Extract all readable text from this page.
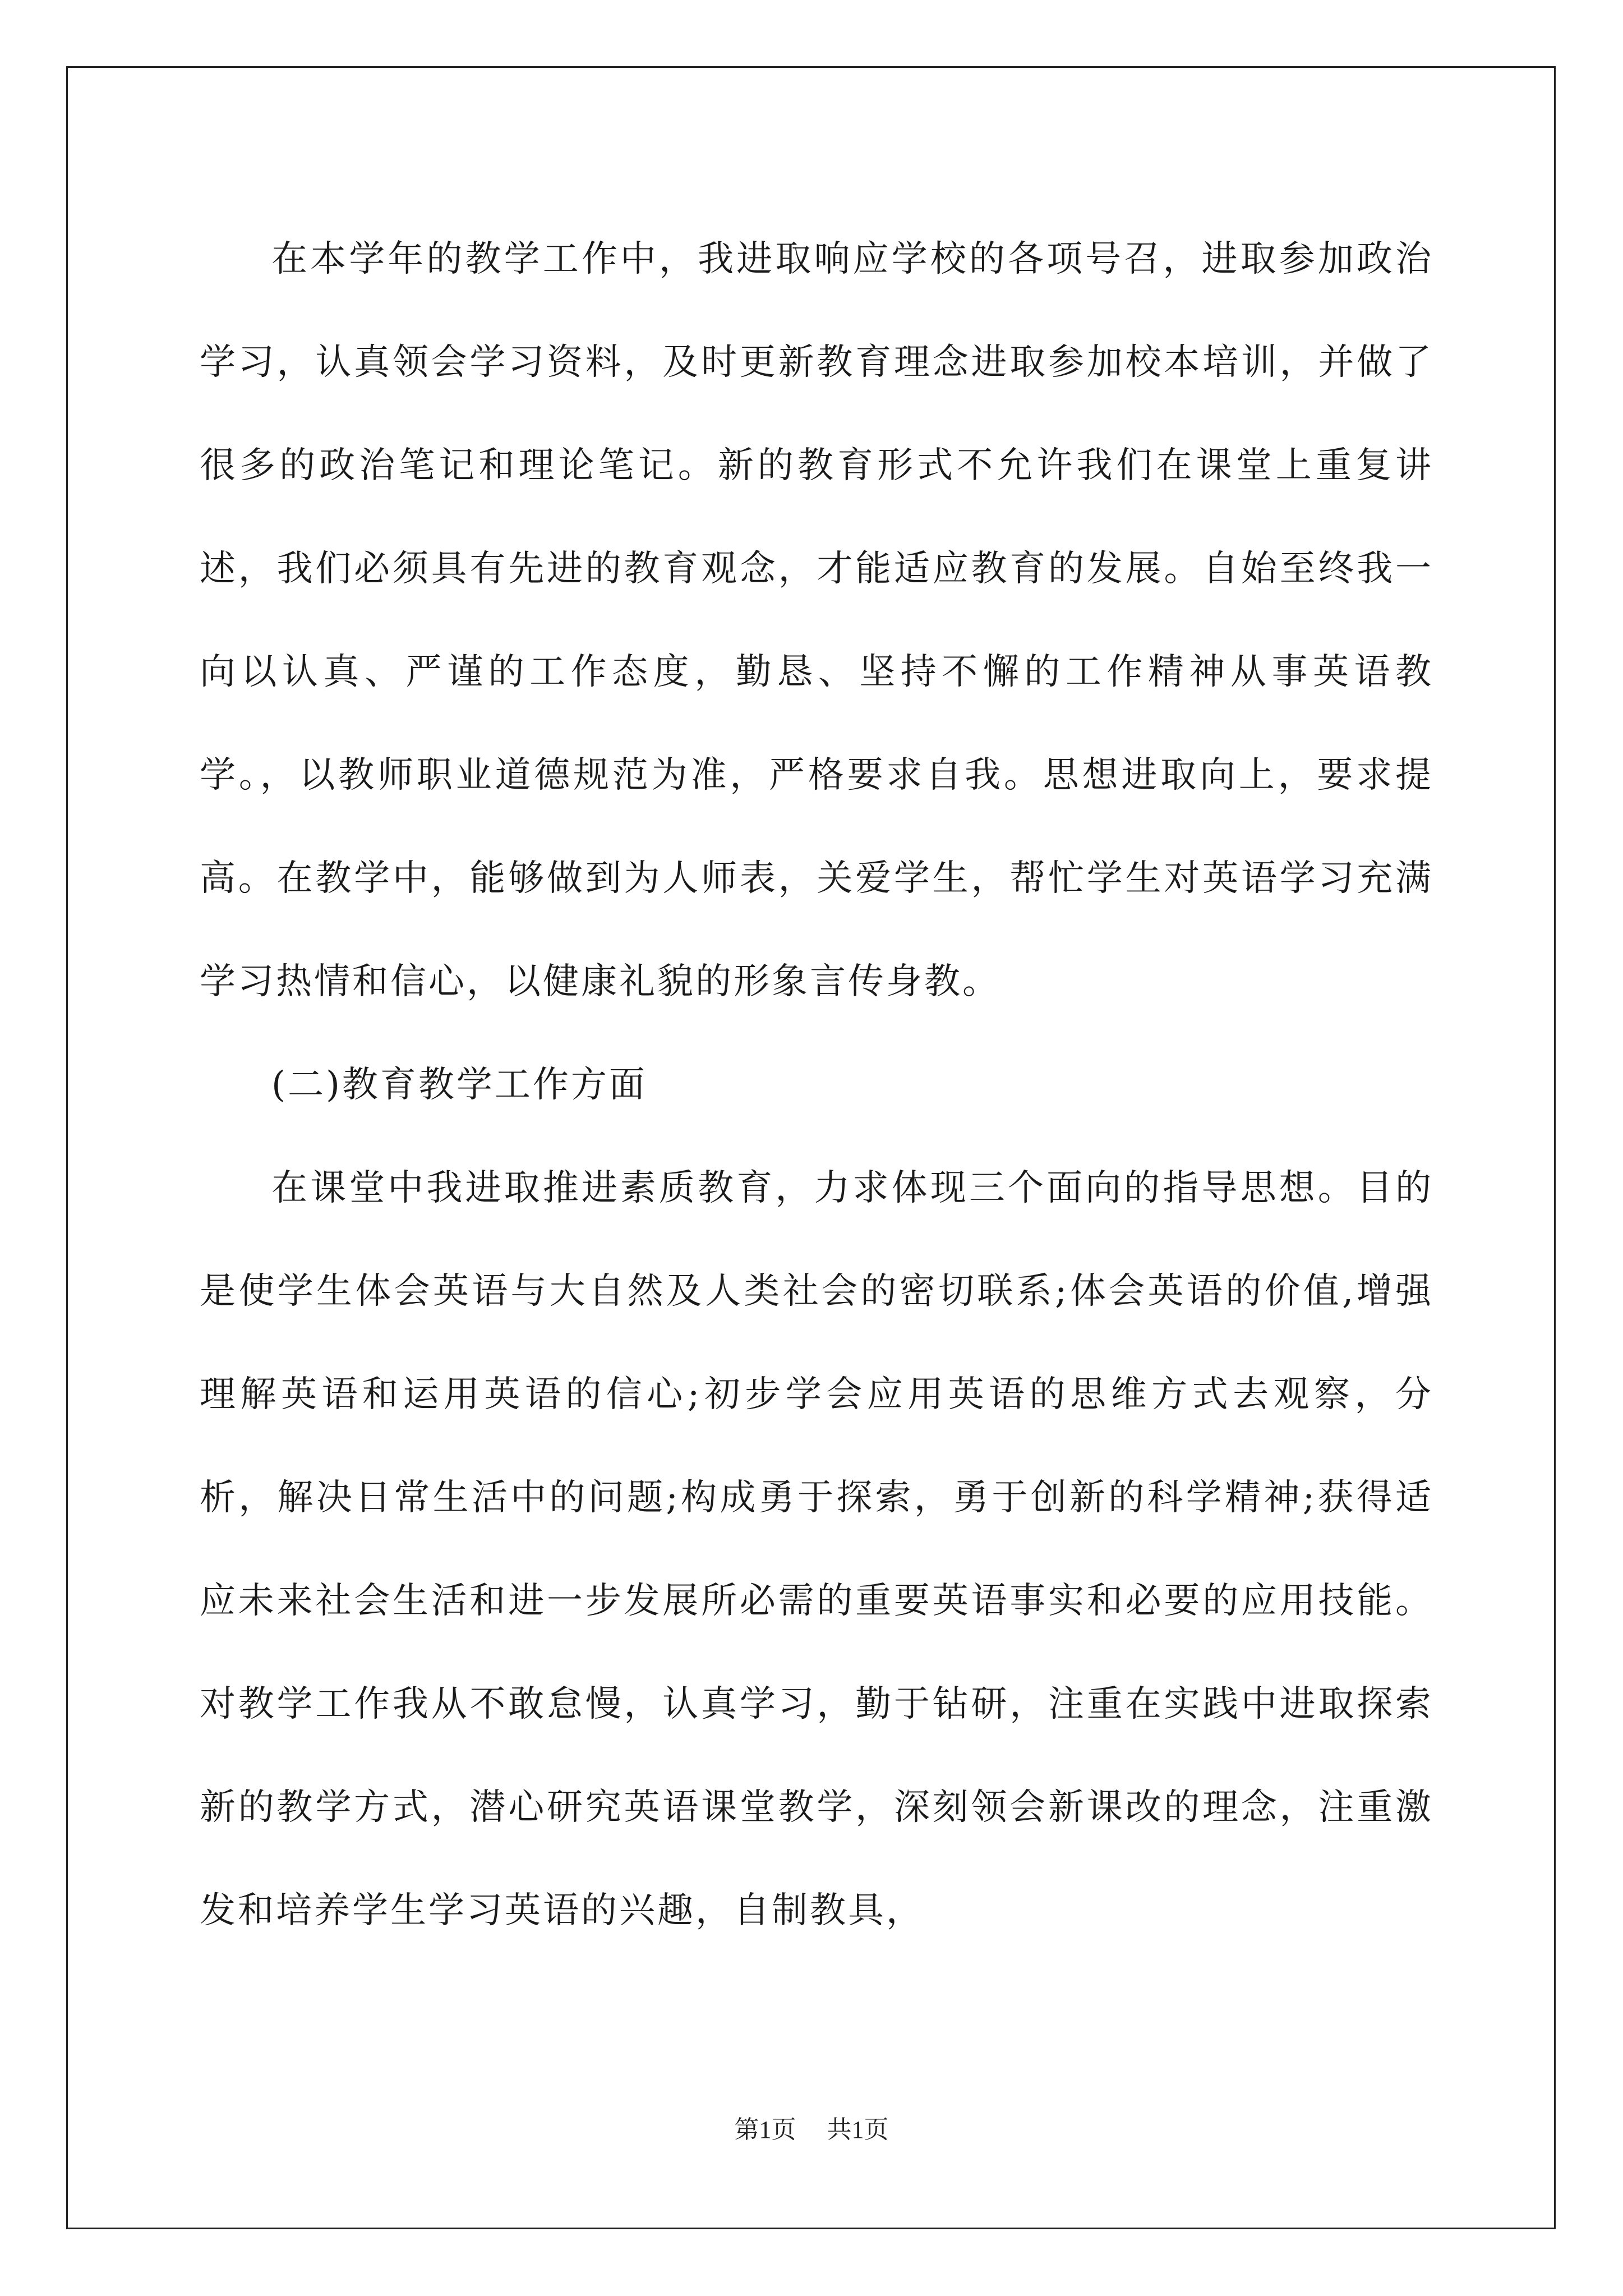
在本学年的教学工作中，我进取响应学校的各项号召，进取参加政治学习，认真领会学习资料，及时更新教育理念进取参加校本培训，并做了很多的政治笔记和理论笔记。新的教育形式不允许我们在课堂上重复讲述，我们必须具有先进的教育观念，才能适应教育的发展。自始至终我一向以认真、严谨的工作态度，勤恳、坚持不懈的工作精神从事英语教学。，以教师职业道德规范为准，严格要求自我。思想进取向上，要求提高。在教学中，能够做到为人师表，关爱学生，帮忙学生对英语学习充满学习热情和信心，以健康礼貌的形象言传身教。

(二)教育教学工作方面

在课堂中我进取推进素质教育，力求体现三个面向的指导思想。目的是使学生体会英语与大自然及人类社会的密切联系;体会英语的价值,增强理解英语和运用英语的信心;初步学会应用英语的思维方式去观察，分析，解决日常生活中的问题;构成勇于探索，勇于创新的科学精神;获得适应未来社会生活和进一步发展所必需的重要英语事实和必要的应用技能。对教学工作我从不敢怠慢，认真学习，勤于钻研，注重在实践中进取探索新的教学方式，潜心研究英语课堂教学，深刻领会新课改的理念，注重激发和培养学生学习英语的兴趣，自制教具，

第1页 共1页
